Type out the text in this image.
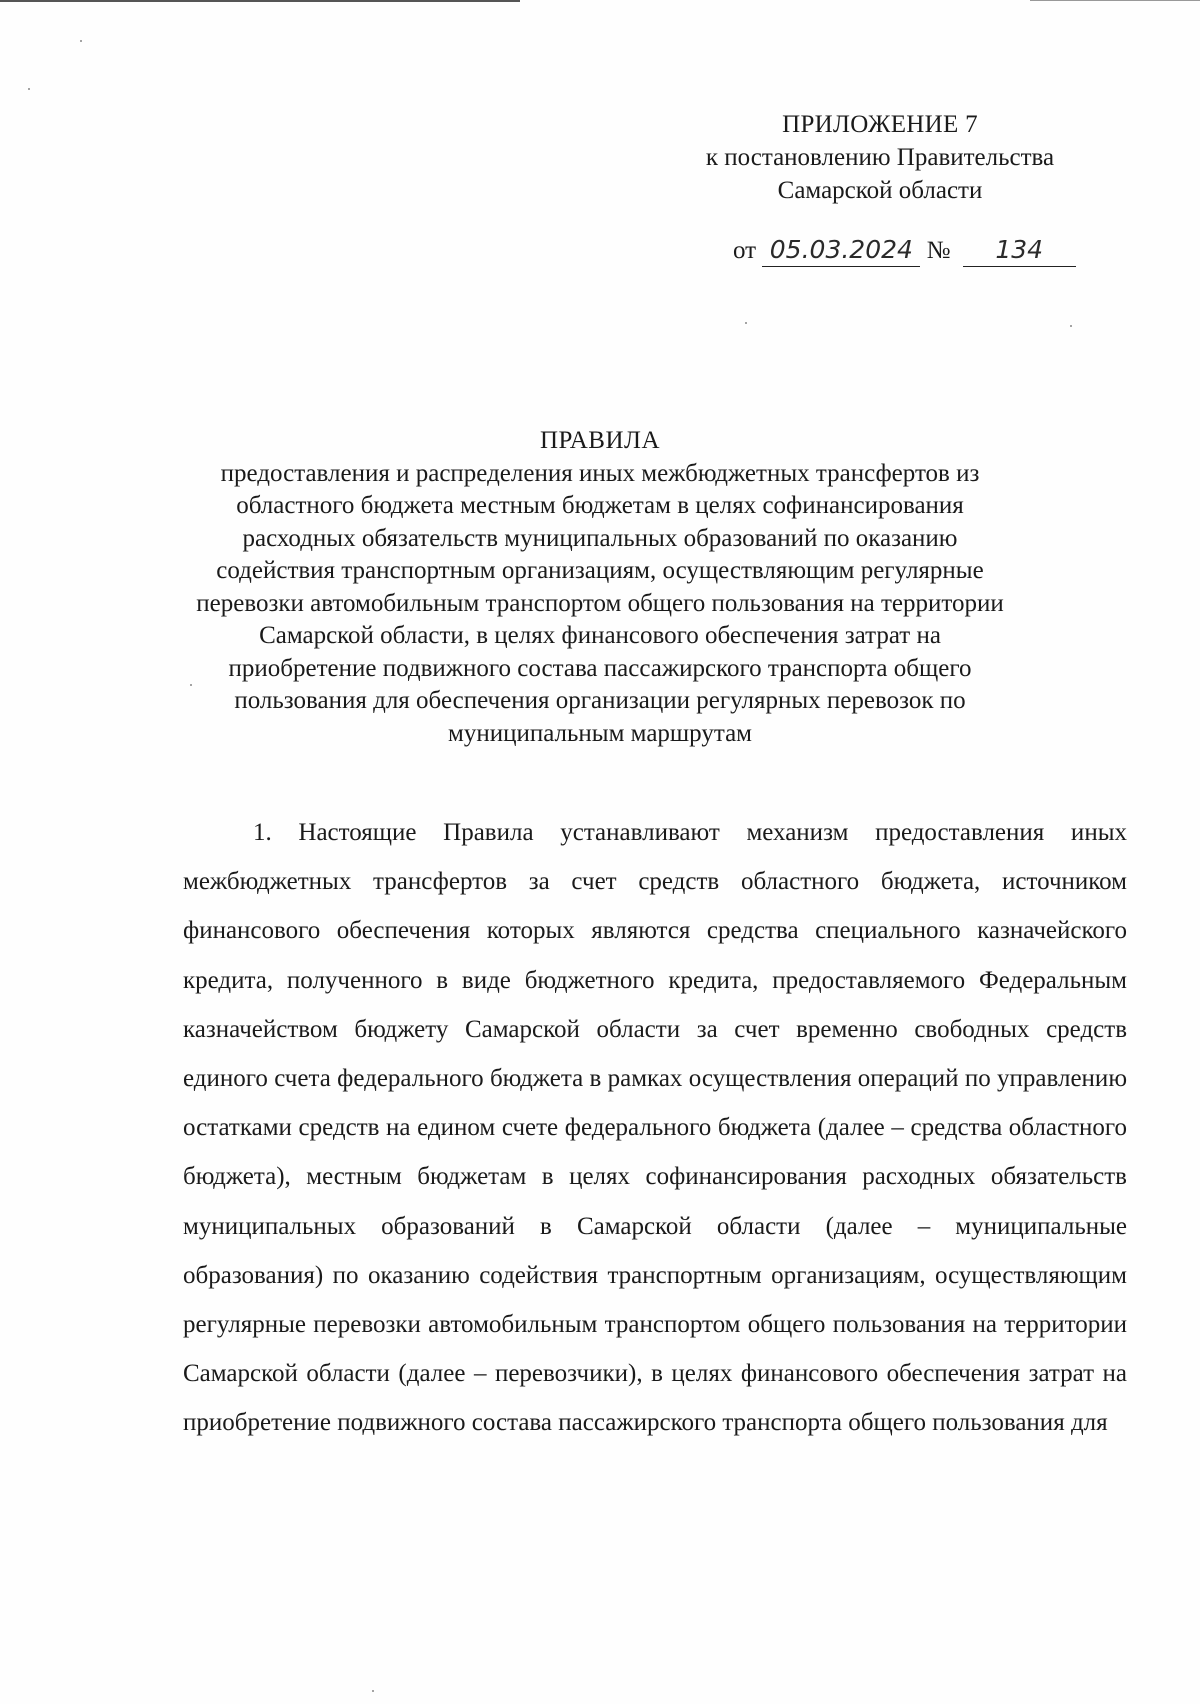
ПРИЛОЖЕНИЕ 7

к постановлению Правительства

Самарской области

от 05.03.2024 № 134

ПРАВИЛА

предоставления и распределения иных межбюджетных трансфертов из

областного бюджета местным бюджетам в целях софинансирования

расходных обязательств муниципальных образований по оказанию

содействия транспортным организациям, осуществляющим регулярные

перевозки автомобильным транспортом общего пользования на территории

Самарской области, в целях финансового обеспечения затрат на

приобретение подвижного состава пассажирского транспорта общего

пользования для обеспечения организации регулярных перевозок по

муниципальным маршрутам

1. Настоящие Правила устанавливают механизм предоставления иных межбюджетных трансфертов за счет средств областного бюджета, источником финансового обеспечения которых являются средства специального казначейского кредита, полученного в виде бюджетного кредита, предоставляемого Федеральным казначейством бюджету Самарской области за счет временно свободных средств единого счета федерального бюджета в рамках осуществления операций по управлению остатками средств на едином счете федерального бюджета (далее – средства областного бюджета), местным бюджетам в целях софинансирования расходных обязательств муниципальных образований в Самарской области (далее – муниципальные образования) по оказанию содействия транспортным организациям, осуществляющим регулярные перевозки автомобильным транспортом общего пользования на территории Самарской области (далее – перевозчики), в целях финансового обеспечения затрат на приобретение подвижного состава пассажирского транспорта общего пользования для
